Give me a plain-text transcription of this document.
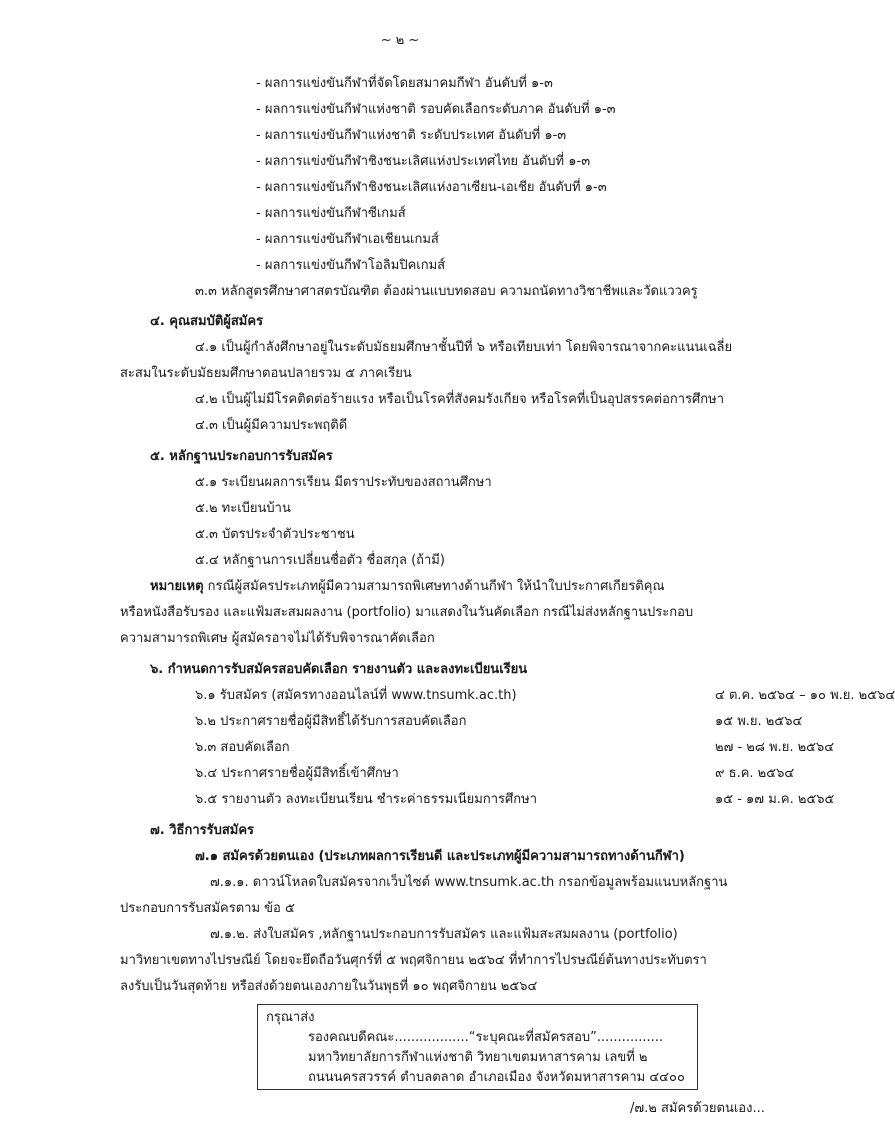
~ ๒ ~
- ผลการแข่งขันกีฬาที่จัดโดยสมาคมกีฬา อันดับที่ ๑-๓
- ผลการแข่งขันกีฬาแห่งชาติ รอบคัดเลือกระดับภาค อันดับที่ ๑-๓
- ผลการแข่งขันกีฬาแห่งชาติ ระดับประเทศ อันดับที่ ๑-๓
- ผลการแข่งขันกีฬาชิงชนะเลิศแห่งประเทศไทย อันดับที่ ๑-๓
- ผลการแข่งขันกีฬาชิงชนะเลิศแห่งอาเซียน-เอเชีย อันดับที่ ๑-๓
- ผลการแข่งขันกีฬาซีเกมส์
- ผลการแข่งขันกีฬาเอเชียนเกมส์
- ผลการแข่งขันกีฬาโอลิมปิคเกมส์
๓.๓ หลักสูตรศึกษาศาสตรบัณฑิต ต้องผ่านแบบทดสอบ ความถนัดทางวิชาชีพและวัดแววครู
๔. คุณสมบัติผู้สมัคร
๔.๑ เป็นผู้กำลังศึกษาอยู่ในระดับมัธยมศึกษาชั้นปีที่ ๖ หรือเทียบเท่า โดยพิจารณาจากคะแนนเฉลี่ย
สะสมในระดับมัธยมศึกษาตอนปลายรวม ๕ ภาคเรียน
๔.๒ เป็นผู้ไม่มีโรคติดต่อร้ายแรง หรือเป็นโรคที่สังคมรังเกียจ หรือโรคที่เป็นอุปสรรคต่อการศึกษา
๔.๓ เป็นผู้มีความประพฤติดี
๕. หลักฐานประกอบการรับสมัคร
๕.๑ ระเบียนผลการเรียน มีตราประทับของสถานศึกษา
๕.๒ ทะเบียนบ้าน
๕.๓ บัตรประจำตัวประชาชน
๕.๔ หลักฐานการเปลี่ยนชื่อตัว ชื่อสกุล (ถ้ามี)
หมายเหตุ กรณีผู้สมัครประเภทผู้มีความสามารถพิเศษทางด้านกีฬา ให้นำใบประกาศเกียรติคุณ
หรือหนังสือรับรอง และแฟ้มสะสมผลงาน (portfolio) มาแสดงในวันคัดเลือก กรณีไม่ส่งหลักฐานประกอบ
ความสามารถพิเศษ ผู้สมัครอาจไม่ได้รับพิจารณาคัดเลือก
๖. กำหนดการรับสมัครสอบคัดเลือก รายงานตัว และลงทะเบียนเรียน
๖.๑ รับสมัคร (สมัครทางออนไลน์ที่ www.tnsumk.ac.th)	๔ ต.ค. ๒๕๖๔ – ๑๐ พ.ย. ๒๕๖๔
๖.๒ ประกาศรายชื่อผู้มีสิทธิ์ได้รับการสอบคัดเลือก	๑๕ พ.ย. ๒๕๖๔
๖.๓ สอบคัดเลือก	๒๗ - ๒๘ พ.ย. ๒๕๖๔
๖.๔ ประกาศรายชื่อผู้มีสิทธิ์เข้าศึกษา	๙ ธ.ค. ๒๕๖๔
๖.๕ รายงานตัว ลงทะเบียนเรียน ชำระค่าธรรมเนียมการศึกษา	๑๕ - ๑๗ ม.ค. ๒๕๖๕
๗. วิธีการรับสมัคร
๗.๑ สมัครด้วยตนเอง (ประเภทผลการเรียนดี และประเภทผู้มีความสามารถทางด้านกีฬา)
๗.๑.๑. ดาวน์โหลดใบสมัครจากเว็บไซต์ www.tnsumk.ac.th กรอกข้อมูลพร้อมแนบหลักฐาน
ประกอบการรับสมัครตาม ข้อ ๕
๗.๑.๒. ส่งใบสมัคร ,หลักฐานประกอบการรับสมัคร และแฟ้มสะสมผลงาน (portfolio)
มาวิทยาเขตทางไปรษณีย์ โดยจะยึดถือวันศุกร์ที่ ๕ พฤศจิกายน ๒๕๖๔ ที่ทำการไปรษณีย์ต้นทางประทับตรา
ลงรับเป็นวันสุดท้าย หรือส่งด้วยตนเองภายในวันพุธที่ ๑๐ พฤศจิกายน ๒๕๖๔
กรุณาส่ง
รองคณบดีคณะ..................“ระบุคณะที่สมัครสอบ”................
มหาวิทยาลัยการกีฬาแห่งชาติ วิทยาเขตมหาสารคาม เลขที่ ๒
ถนนนครสวรรค์ ตำบลตลาด อำเภอเมือง จังหวัดมหาสารคาม ๔๔๐๐
/๗.๒ สมัครด้วยตนเอง...
